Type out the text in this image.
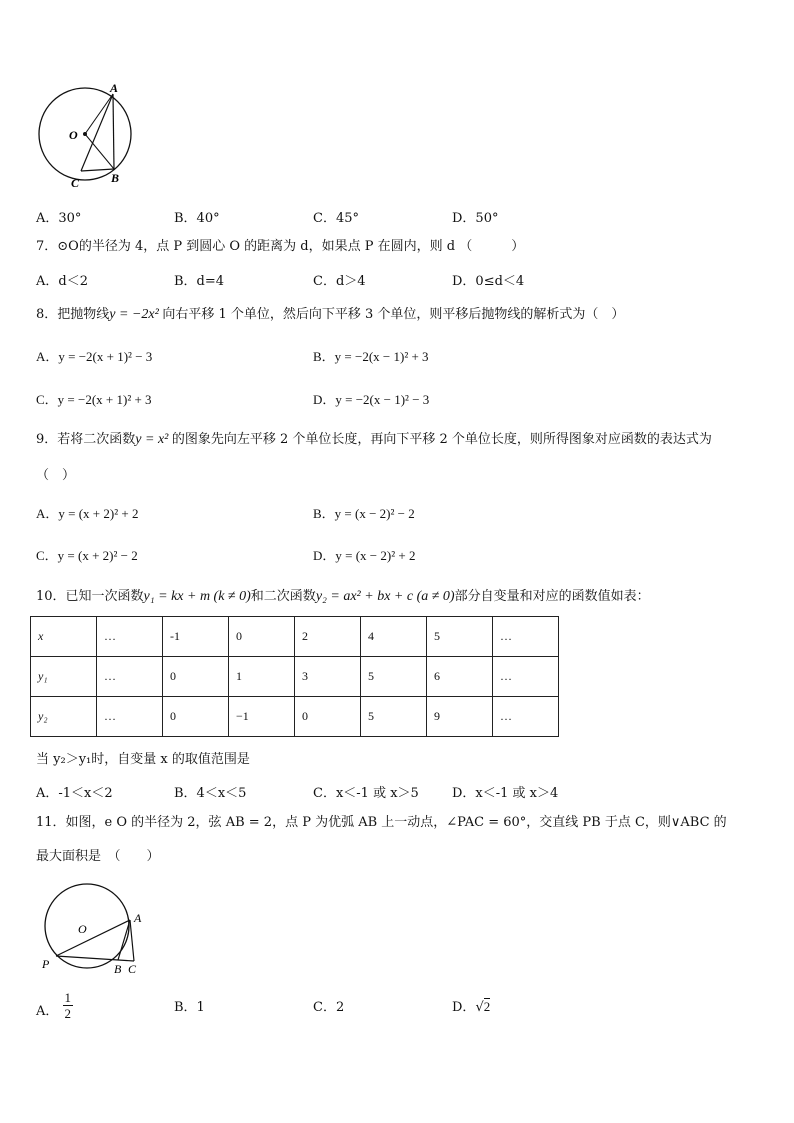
A
O
C	B
A．30°	B．40°	C．45°	D．50°
7．⊙O的半径为 4，点 P 到圆心 O 的距离为 d，如果点 P 在圆内，则 d （　　　）
A．d＜2	B．d=4	C．d＞4	D．0≤d＜4
8．把抛物线y = −2x² 向右平移 1 个单位，然后向下平移 3 个单位，则平移后抛物线的解析式为（　）
A．y = −2(x + 1)² − 3	B．y = −2(x − 1)² + 3
C．y = −2(x + 1)² + 3	D．y = −2(x − 1)² − 3
9．若将二次函数y = x² 的图象先向左平移 2 个单位长度，再向下平移 2 个单位长度，则所得图象对应函数的表达式为
（　）
A．y = (x + 2)² + 2	B．y = (x − 2)² − 2
C．y = (x + 2)² − 2	D．y = (x − 2)² + 2
10．已知一次函数y₁ = kx + m (k ≠ 0)和二次函数y₂ = ax² + bx + c (a ≠ 0)部分自变量和对应的函数值如表：
x	…	-1	0	2	4	5	…
y₁	…	0	1	3	5	6	…
y₂	…	0	−1	0	5	9	…
当 y₂＞y₁时，自变量 x 的取值范围是
A．-1＜x＜2	B．4＜x＜5	C．x＜-1 或 x＞5	D．x＜-1 或 x＞4
11．如图，e O 的半径为 2，弦 AB = 2，点 P 为优弧 AB 上一动点，∠PAC = 60°，交直线 PB 于点 C，则∨ABC 的
最大面积是　（　　）
O
A
P	B C
A． $\frac{1}{2}$	B．1	C．2	D．√2
